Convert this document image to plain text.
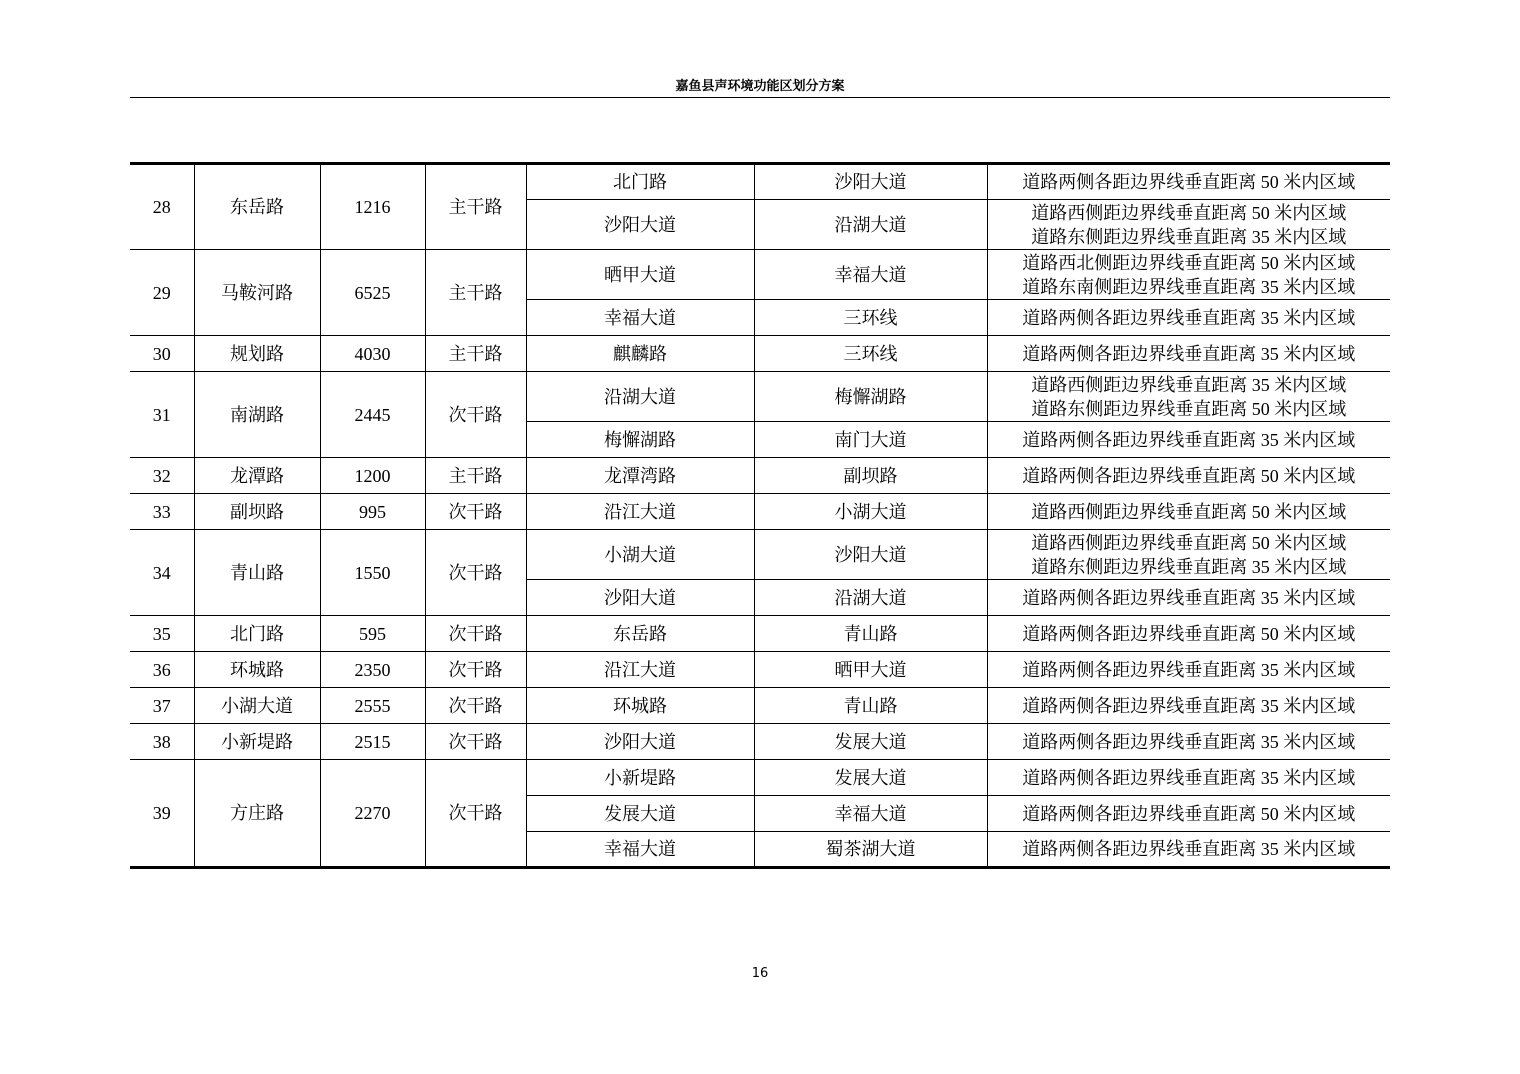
嘉鱼县声环境功能区划分方案
28	东岳路	1216	主干路	北门路	沙阳大道	道路两侧各距边界线垂直距离 50 米内区域

				沙阳大道	沿湖大道	道路西侧距边界线垂直距离 50 米内区域
道路东侧距边界线垂直距离 35 米内区域

29	马鞍河路	6525	主干路	晒甲大道	幸福大道	道路西北侧距边界线垂直距离 50 米内区域
道路东南侧距边界线垂直距离 35 米内区域

				幸福大道	三环线	道路两侧各距边界线垂直距离 35 米内区域

30	规划路	4030	主干路	麒麟路	三环线	道路两侧各距边界线垂直距离 35 米内区域

31	南湖路	2445	次干路	沿湖大道	梅懈湖路	道路西侧距边界线垂直距离 35 米内区域
道路东侧距边界线垂直距离 50 米内区域

				梅懈湖路	南门大道	道路两侧各距边界线垂直距离 35 米内区域

32	龙潭路	1200	主干路	龙潭湾路	副坝路	道路两侧各距边界线垂直距离 50 米内区域

33	副坝路	995	次干路	沿江大道	小湖大道	道路西侧距边界线垂直距离 50 米内区域

34	青山路	1550	次干路	小湖大道	沙阳大道	道路西侧距边界线垂直距离 50 米内区域
道路东侧距边界线垂直距离 35 米内区域

				沙阳大道	沿湖大道	道路两侧各距边界线垂直距离 35 米内区域

35	北门路	595	次干路	东岳路	青山路	道路两侧各距边界线垂直距离 50 米内区域

36	环城路	2350	次干路	沿江大道	晒甲大道	道路两侧各距边界线垂直距离 35 米内区域

37	小湖大道	2555	次干路	环城路	青山路	道路两侧各距边界线垂直距离 35 米内区域

38	小新堤路	2515	次干路	沙阳大道	发展大道	道路两侧各距边界线垂直距离 35 米内区域

39	方庄路	2270	次干路	小新堤路	发展大道	道路两侧各距边界线垂直距离 35 米内区域

				发展大道	幸福大道	道路两侧各距边界线垂直距离 50 米内区域

				幸福大道	蜀茶湖大道	道路两侧各距边界线垂直距离 35 米内区域
16
